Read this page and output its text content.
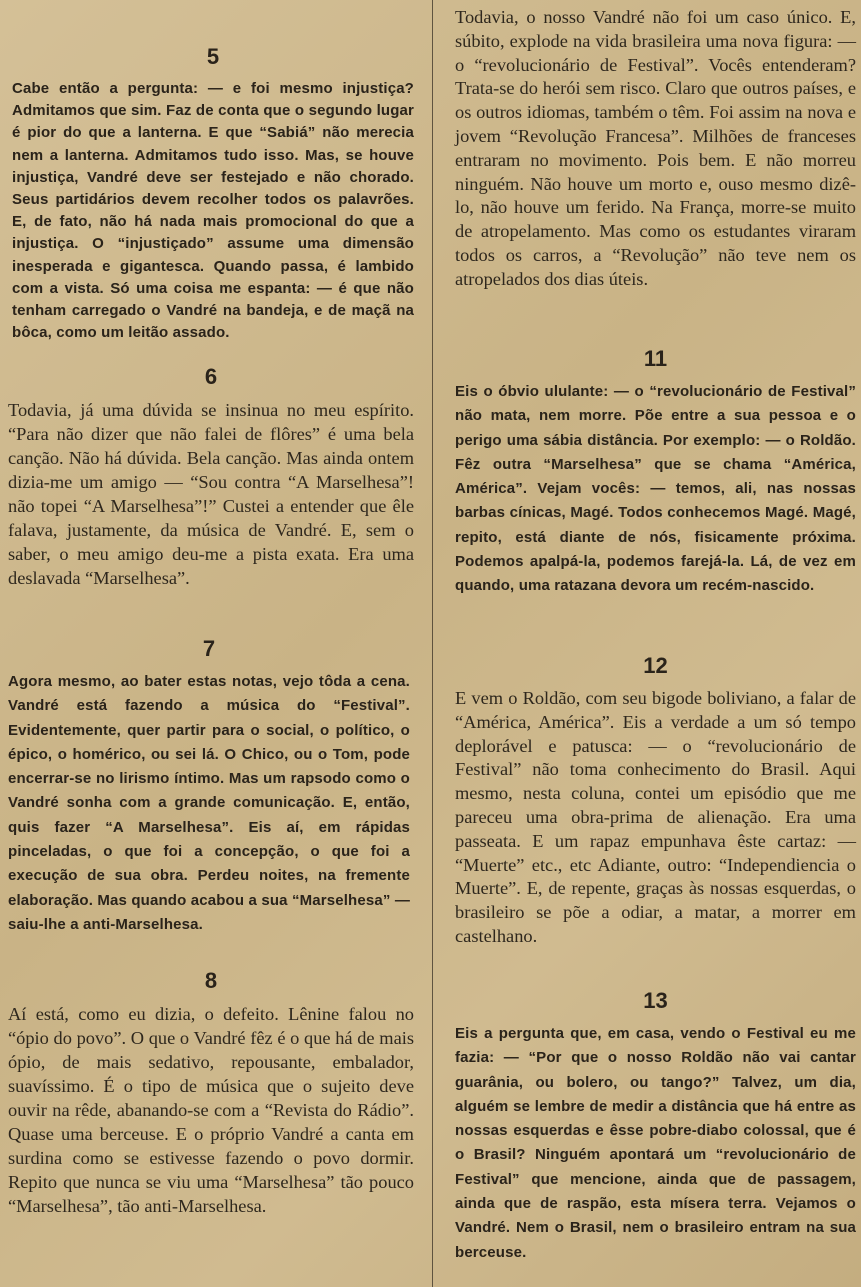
5

Cabe então a pergunta: — e foi mesmo injustiça? Admitamos que sim. Faz de conta que o segundo lugar é pior do que a lanterna. E que “Sabiá” não merecia nem a lanterna. Admitamos tudo isso. Mas, se houve injustiça, Vandré deve ser festejado e não chorado. Seus partidários devem recolher todos os palavrões. E, de fato, não há nada mais promocional do que a injustiça. O “injustiçado” assume uma dimensão inesperada e gigantesca. Quando passa, é lambido com a vista. Só uma coisa me espanta: — é que não tenham carregado o Vandré na bandeja, e de maçã na bôca, como um leitão assado.

6

Todavia, já uma dúvida se insinua no meu espírito. “Para não dizer que não falei de flôres” é uma bela canção. Não há dúvida. Bela canção. Mas ainda ontem dizia-me um amigo — “Sou contra “A Marselhesa”! não topei “A Marselhesa”!” Custei a entender que êle falava, justamente, da música de Vandré. E, sem o saber, o meu amigo deu-me a pista exata. Era uma deslavada “Marselhesa”.

7

Agora mesmo, ao bater estas notas, vejo tôda a cena. Vandré está fazendo a música do “Festival”. Evidentemente, quer partir para o social, o político, o épico, o homérico, ou sei lá. O Chico, ou o Tom, pode encerrar-se no lirismo íntimo. Mas um rapsodo como o Vandré sonha com a grande comunicação. E, então, quis fazer “A Marselhesa”. Eis aí, em rápidas pinceladas, o que foi a concepção, o que foi a execução de sua obra. Perdeu noites, na fremente elaboração. Mas quando acabou a sua “Marselhesa” — saiu-lhe a anti-Marselhesa.

8

Aí está, como eu dizia, o defeito. Lênine falou no “ópio do povo”. O que o Vandré fêz é o que há de mais ópio, de mais sedativo, repousante, embalador, suavíssimo. É o tipo de música que o sujeito deve ouvir na rêde, abanando-se com a “Revista do Rádio”. Quase uma berceuse. E o próprio Vandré a canta em surdina como se estivesse fazendo o povo dormir. Repito que nunca se viu uma “Marselhesa” tão pouco “Marselhesa”, tão anti-Marselhesa.

Todavia, o nosso Vandré não foi um caso único. E, súbito, explode na vida brasileira uma nova figura: — o “revolucionário de Festival”. Vocês entenderam? Trata-se do herói sem risco. Claro que outros países, e os outros idiomas, também o têm. Foi assim na nova e jovem “Revolução Francesa”. Milhões de franceses entraram no movimento. Pois bem. E não morreu ninguém. Não houve um morto e, ouso mesmo dizê-lo, não houve um ferido. Na França, morre-se muito de atropelamento. Mas como os estudantes viraram todos os carros, a “Revolução” não teve nem os atropelados dos dias úteis.

11

Eis o óbvio ululante: — o “revolucionário de Festival” não mata, nem morre. Põe entre a sua pessoa e o perigo uma sábia distância. Por exemplo: — o Roldão. Fêz outra “Marselhesa” que se chama “América, América”. Vejam vocês: — temos, ali, nas nossas barbas cínicas, Magé. Todos conhecemos Magé. Magé, repito, está diante de nós, fisicamente próxima. Podemos apalpá-la, podemos farejá-la. Lá, de vez em quando, uma ratazana devora um recém-nascido.

12

E vem o Roldão, com seu bigode boliviano, a falar de “América, América”. Eis a verdade a um só tempo deplorável e patusca: — o “revolucionário de Festival” não toma conhecimento do Brasil. Aqui mesmo, nesta coluna, contei um episódio que me pareceu uma obra-prima de alienação. Era uma passeata. E um rapaz empunhava êste cartaz: — “Muerte” etc., etc Adiante, outro: “Independiencia o Muerte”. E, de repente, graças às nossas esquerdas, o brasileiro se põe a odiar, a matar, a morrer em castelhano.

13

Eis a pergunta que, em casa, vendo o Festival eu me fazia: — “Por que o nosso Roldão não vai cantar guarânia, ou bolero, ou tango?” Talvez, um dia, alguém se lembre de medir a distância que há entre as nossas esquerdas e êsse pobre-diabo colossal, que é o Brasil? Ninguém apontará um “revolucionário de Festival” que mencione, ainda que de passagem, ainda que de raspão, esta mísera terra. Vejamos o Vandré. Nem o Brasil, nem o brasileiro entram na sua berceuse.
